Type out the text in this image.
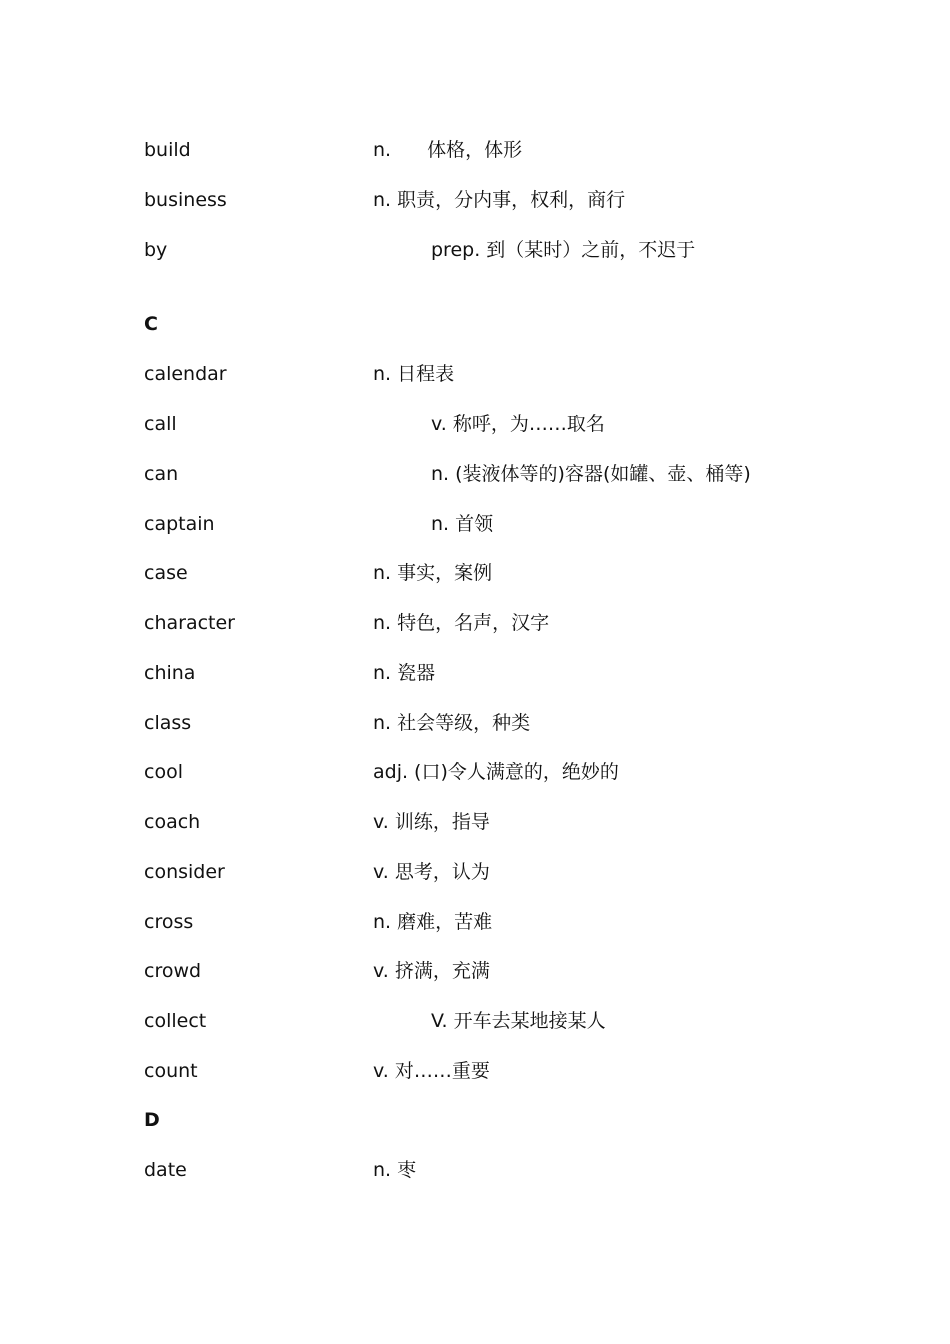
build	n. 体格，体形
business	n. 职责，分内事，权利，商行
by	prep. 到（某时）之前，不迟于
C
calendar	n. 日程表
call	v. 称呼，为……取名
can	n. (装液体等的)容器(如罐、壶、桶等)
captain	n. 首领
case	n. 事实，案例
character	n. 特色，名声，汉字
china	n. 瓷器
class	n. 社会等级，种类
cool	adj. (口)令人满意的，绝妙的
coach	v. 训练，指导
consider	v. 思考，认为
cross	n. 磨难，苦难
crowd	v. 挤满，充满
collect	V. 开车去某地接某人
count	v. 对……重要
D
date	n. 枣
